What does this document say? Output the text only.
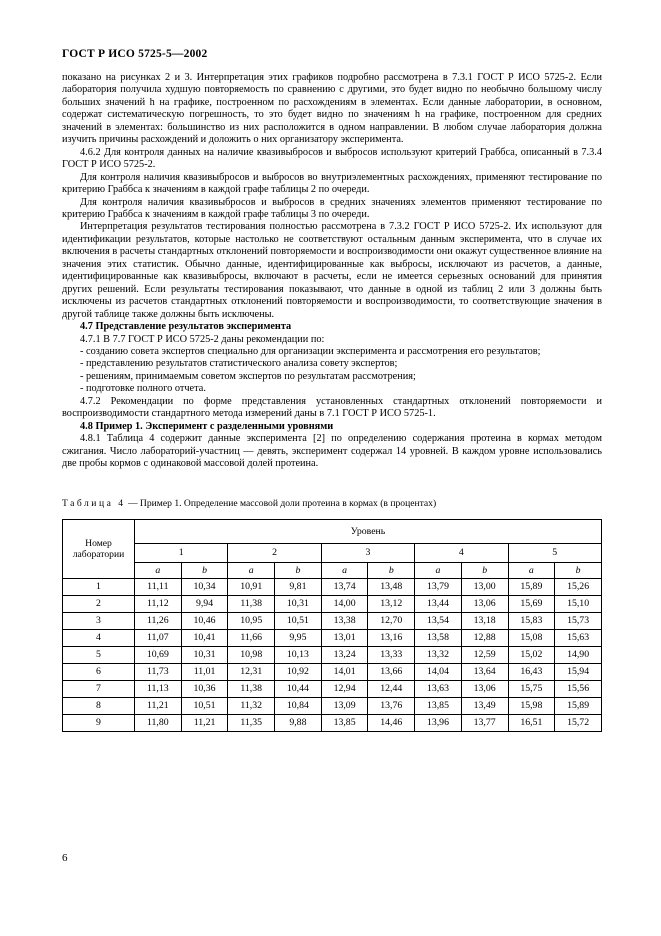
ГОСТ Р ИСО 5725-5—2002

показано на рисунках 2 и 3. Интерпретация этих графиков подробно рассмотрена в 7.3.1 ГОСТ Р ИСО 5725-2. Если лаборатория получила худшую повторяемость по сравнению с другими, это будет видно по необычно большому числу больших значений h на графике, построенном по расхождениям в элементах. Если данные лаборатории, в основном, содержат систематическую погрешность, то это будет видно по значениям h на графике, построенном для средних значений в элементах: большинство из них расположится в одном направлении. В любом случае лаборатория должна изучить причины расхождений и доложить о них организатору эксперимента.

4.6.2 Для контроля данных на наличие квазивыбросов и выбросов используют критерий Граббса, описанный в 7.3.4 ГОСТ Р ИСО 5725-2.

Для контроля наличия квазивыбросов и выбросов во внутриэлементных расхождениях, применяют тестирование по критерию Граббса к значениям в каждой графе таблицы 2 по очереди.

Для контроля наличия квазивыбросов и выбросов в средних значениях элементов применяют тестирование по критерию Граббса к значениям в каждой графе таблицы 3 по очереди.

Интерпретация результатов тестирования полностью рассмотрена в 7.3.2 ГОСТ Р ИСО 5725-2. Их используют для идентификации результатов, которые настолько не соответствуют остальным данным эксперимента, что в случае их включения в расчеты стандартных отклонений повторяемости и воспроизводимости они окажут существенное влияние на значения этих статистик. Обычно данные, идентифицированные как выбросы, исключают из расчетов, а данные, идентифицированные как квазивыбросы, включают в расчеты, если не имеется серьезных оснований для принятия других решений. Если результаты тестирования показывают, что данные в одной из таблиц 2 или 3 должны быть исключены из расчетов стандартных отклонений повторяемости и воспроизводимости, то соответствующие значения в другой таблице также должны быть исключены.

4.7 Представление результатов эксперимента

4.7.1 В 7.7 ГОСТ Р ИСО 5725-2 даны рекомендации по:

- созданию совета экспертов специально для организации эксперимента и рассмотрения его результатов;

- представлению результатов статистического анализа совету экспертов;

- решениям, принимаемым советом экспертов по результатам рассмотрения;

- подготовке полного отчета.

4.7.2 Рекомендации по форме представления установленных стандартных отклонений повторяемости и воспроизводимости стандартного метода измерений даны в 7.1 ГОСТ Р ИСО 5725-1.

4.8 Пример 1. Эксперимент с разделенными уровнями

4.8.1 Таблица 4 содержит данные эксперимента [2] по определению содержания протеина в кормах методом сжигания. Число лабораторий-участниц — девять, эксперимент содержал 14 уровней. В каждом уровне использовались две пробы кормов с одинаковой массовой долей протеина.

Таблица 4 — Пример 1. Определение массовой доли протеина в кормах (в процентах)
Номер лаборатории	Уровень									
	1		2		3		4		5	
	a	b	a	b	a	b	a	b	a	b
1	11,11	10,34	10,91	9,81	13,74	13,48	13,79	13,00	15,89	15,26
2	11,12	9,94	11,38	10,31	14,00	13,12	13,44	13,06	15,69	15,10
3	11,26	10,46	10,95	10,51	13,38	12,70	13,54	13,18	15,83	15,73
4	11,07	10,41	11,66	9,95	13,01	13,16	13,58	12,88	15,08	15,63
5	10,69	10,31	10,98	10,13	13,24	13,33	13,32	12,59	15,02	14,90
6	11,73	11,01	12,31	10,92	14,01	13,66	14,04	13,64	16,43	15,94
7	11,13	10,36	11,38	10,44	12,94	12,44	13,63	13,06	15,75	15,56
8	11,21	10,51	11,32	10,84	13,09	13,76	13,85	13,49	15,98	15,89
9	11,80	11,21	11,35	9,88	13,85	14,46	13,96	13,77	16,51	15,72
6
